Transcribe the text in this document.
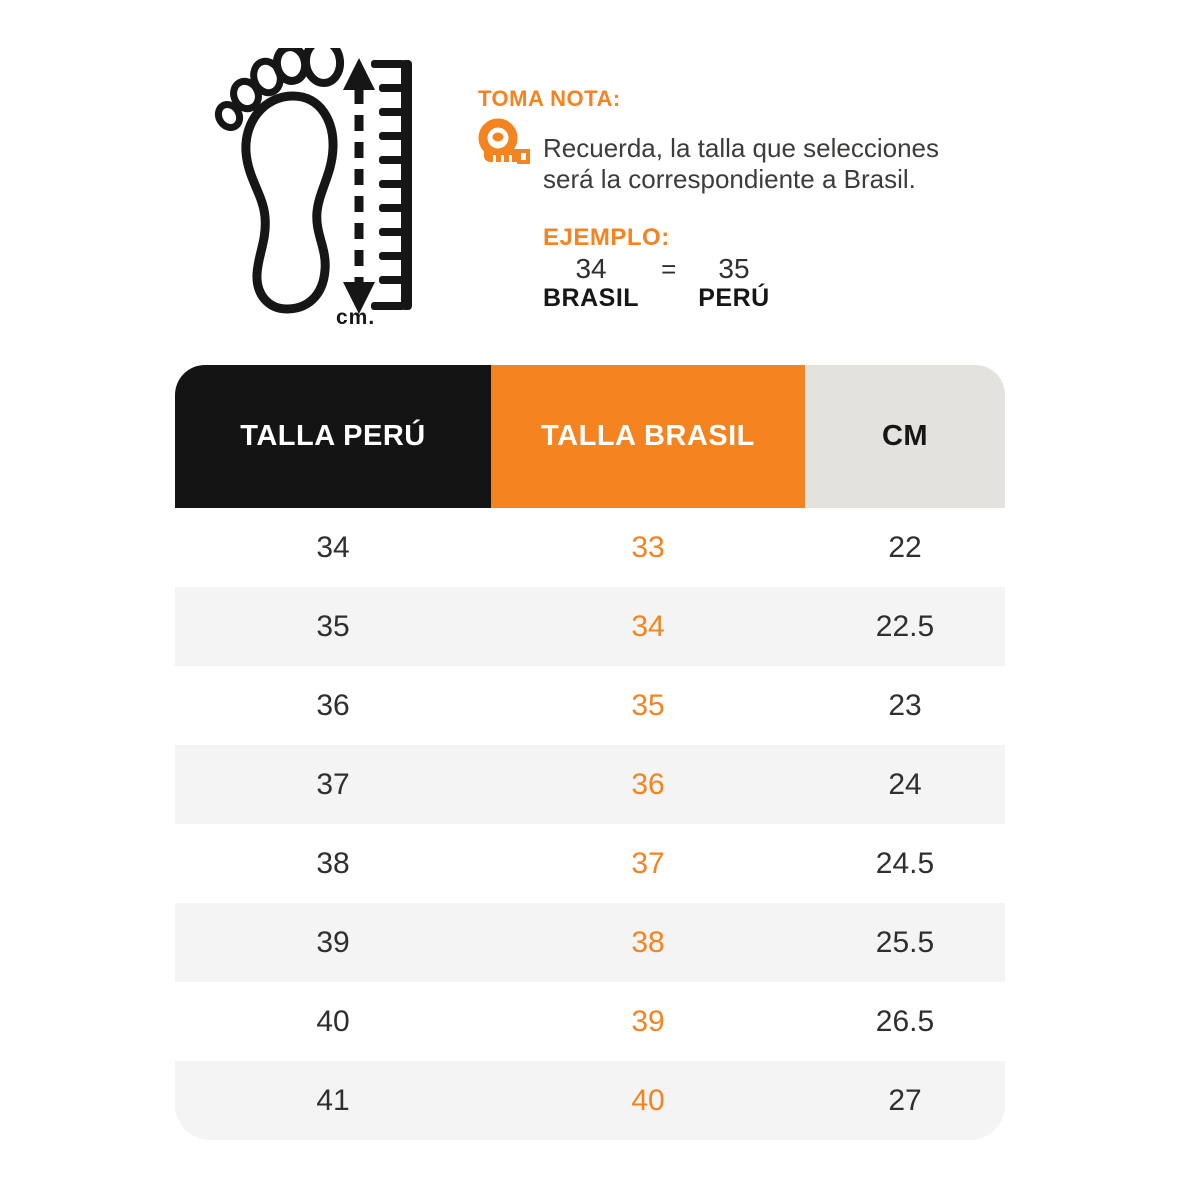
cm.
TOMA NOTA:
Recuerda, la talla que selecciones
será la correspondiente a Brasil.
EJEMPLO:
34
BRASIL
=	35
PERÚ
TALLA PERÚ	TALLA BRASIL	CM
34	33	22
35	34	22.5
36	35	23
37	36	24
38	37	24.5
39	38	25.5
40	39	26.5
41	40	27
